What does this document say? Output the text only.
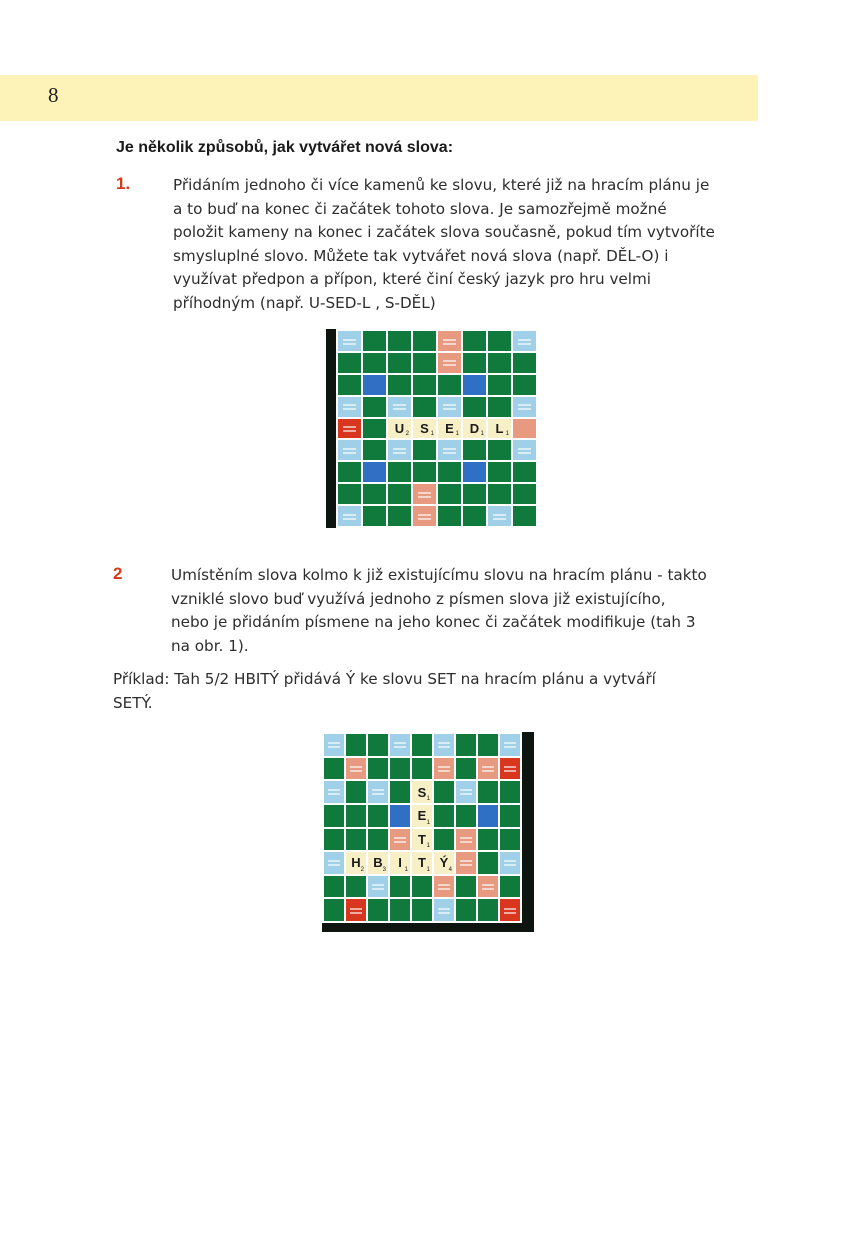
8
Je několik způsobů, jak vytvářet nová slova:
1.	Přidáním jednoho či více kamenů ke slovu, které již na hracím plánu je

a to buď na konec či začátek tohoto slova. Je samozřejmě možné

položit kameny na konec i začátek slova současně, pokud tím vytvoříte

smysluplné slovo. Můžete tak vytvářet nová slova (např. DĚL-O) i

využívat předpon a přípon, které činí český jazyk pro hru velmi

příhodným (např. U-SED-L , S-DĚL)

U 2 S 1 E 1 D 1 L 1
2	Umístěním slova kolmo k již existujícímu slovu na hracím plánu - takto

vzniklé slovo buď využívá jednoho z písmen slova již existujícího,

nebo je přidáním písmene na jeho konec či začátek modifikuje (tah 3

na obr. 1).

Příklad: Tah 5/2 HBITÝ přidává Ý ke slovu SET na hracím plánu a vytváří

SETÝ.

S 1
E 1
T 1
H 2 B 3 I 1 T 1 Ý 4
